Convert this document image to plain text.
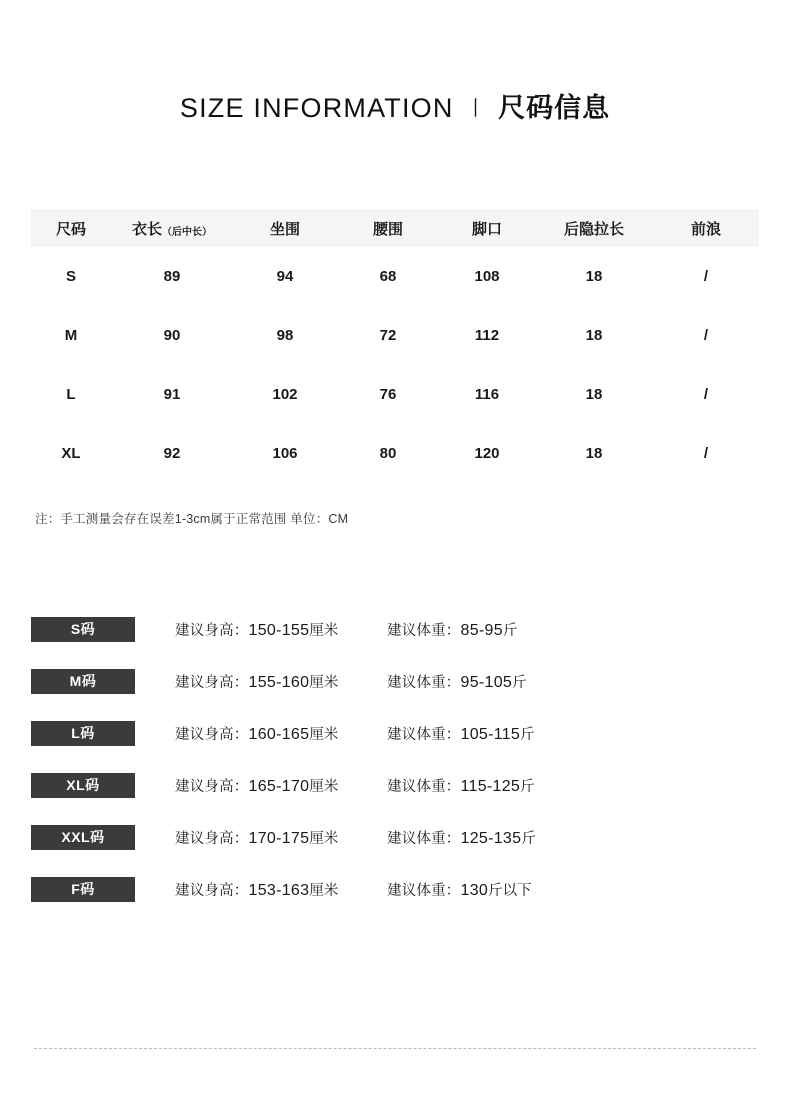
SIZE INFORMATION 丨 尺码信息
尺码	衣长（后中长）	坐围	腰围	脚口	后隐拉长	前浪
S	89	94	68	108	18	/
M	90	98	72	112	18	/
L	91	102	76	116	18	/
XL	92	106	80	120	18	/
注：手工测量会存在误差1-3cm属于正常范围 单位：CM
S码	建议身高：150-155厘米	建议体重：85-95斤
M码	建议身高：155-160厘米	建议体重：95-105斤
L码	建议身高：160-165厘米	建议体重：105-115斤
XL码	建议身高：165-170厘米	建议体重：115-125斤
XXL码	建议身高：170-175厘米	建议体重：125-135斤
F码	建议身高：153-163厘米	建议体重：130斤以下
